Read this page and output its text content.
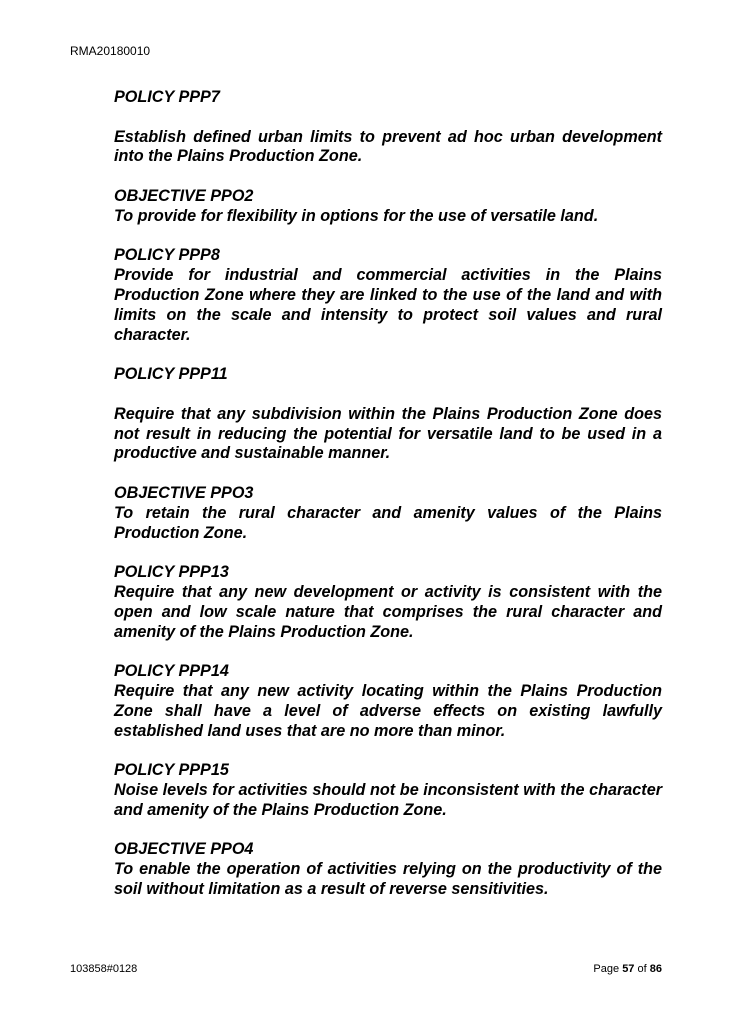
RMA20180010

POLICY PPP7

Establish defined urban limits to prevent ad hoc urban development into the Plains Production Zone.

OBJECTIVE PPO2

To provide for flexibility in options for the use of versatile land.

POLICY PPP8

Provide for industrial and commercial activities in the Plains Production Zone where they are linked to the use of the land and with limits on the scale and intensity to protect soil values and rural character.

POLICY PPP11

Require that any subdivision within the Plains Production Zone does not result in reducing the potential for versatile land to be used in a productive and sustainable manner.

OBJECTIVE PPO3

To retain the rural character and amenity values of the Plains Production Zone.

POLICY PPP13

Require that any new development or activity is consistent with the open and low scale nature that comprises the rural character and amenity of the Plains Production Zone.

POLICY PPP14

Require that any new activity locating within the Plains Production Zone shall have a level of adverse effects on existing lawfully established land uses that are no more than minor.

POLICY PPP15

Noise levels for activities should not be inconsistent with the character and amenity of the Plains Production Zone.

OBJECTIVE PPO4

To enable the operation of activities relying on the productivity of the soil without limitation as a result of reverse sensitivities.

103858#0128	Page 57 of 86
